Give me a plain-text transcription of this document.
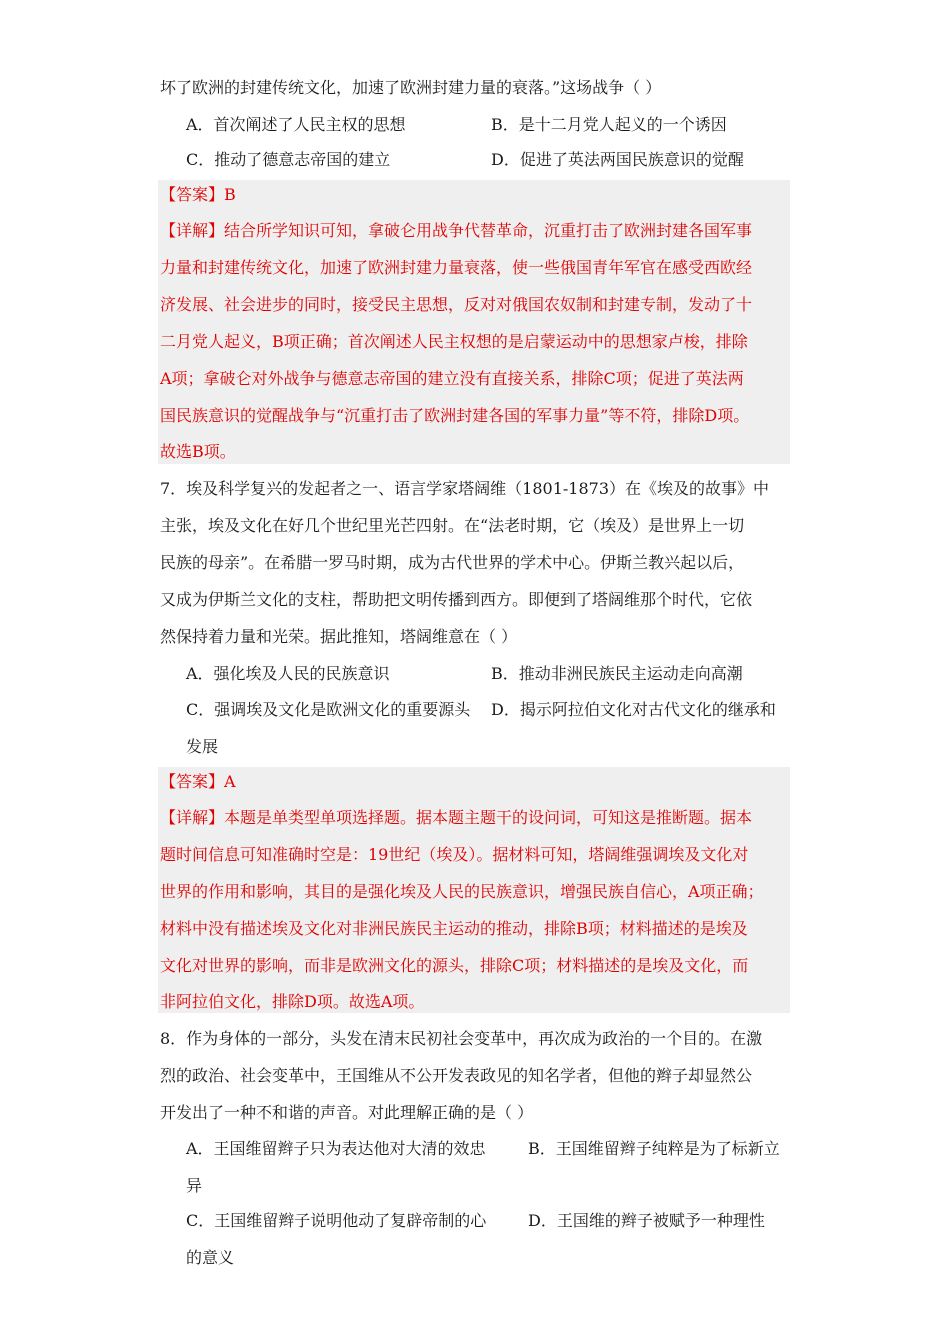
坏了欧洲的封建传统文化，加速了欧洲封建力量的衰落。”这场战争（ ）
A．首次阐述了人民主权的思想	B．是十二月党人起义的一个诱因
C．推动了德意志帝国的建立	D．促进了英法两国民族意识的觉醒
【答案】B
【详解】结合所学知识可知，拿破仑用战争代替革命，沉重打击了欧洲封建各国军事
力量和封建传统文化，加速了欧洲封建力量衰落，使一些俄国青年军官在感受西欧经
济发展、社会进步的同时，接受民主思想，反对对俄国农奴制和封建专制，发动了十
二月党人起义，B项正确；首次阐述人民主权想的是启蒙运动中的思想家卢梭，排除
A项；拿破仑对外战争与德意志帝国的建立没有直接关系，排除C项；促进了英法两
国民族意识的觉醒战争与“沉重打击了欧洲封建各国的军事力量”等不符，排除D项。
故选B项。
7．埃及科学复兴的发起者之一、语言学家塔阔维（1801-1873）在《埃及的故事》中
主张，埃及文化在好几个世纪里光芒四射。在“法老时期，它（埃及）是世界上一切
民族的母亲”。在希腊一罗马时期，成为古代世界的学术中心。伊斯兰教兴起以后，
又成为伊斯兰文化的支柱，帮助把文明传播到西方。即便到了塔阔维那个时代，它依
然保持着力量和光荣。据此推知，塔阔维意在（ ）
A．强化埃及人民的民族意识	B．推动非洲民族民主运动走向高潮
C．强调埃及文化是欧洲文化的重要源头 D．揭示阿拉伯文化对古代文化的继承和
发展
【答案】A
【详解】本题是单类型单项选择题。据本题主题干的设问词，可知这是推断题。据本
题时间信息可知准确时空是：19世纪（埃及）。据材料可知，塔阔维强调埃及文化对
世界的作用和影响，其目的是强化埃及人民的民族意识，增强民族自信心，A项正确；
材料中没有描述埃及文化对非洲民族民主运动的推动，排除B项；材料描述的是埃及
文化对世界的影响，而非是欧洲文化的源头，排除C项；材料描述的是埃及文化，而
非阿拉伯文化，排除D项。故选A项。
8．作为身体的一部分，头发在清末民初社会变革中，再次成为政治的一个目的。在激
烈的政治、社会变革中，王国维从不公开发表政见的知名学者，但他的辫子却显然公
开发出了一种不和谐的声音。对此理解正确的是（ ）
A．王国维留辫子只为表达他对大清的效忠	B．王国维留辫子纯粹是为了标新立
异
C．王国维留辫子说明他动了复辟帝制的心	D．王国维的辫子被赋予一种理性
的意义
